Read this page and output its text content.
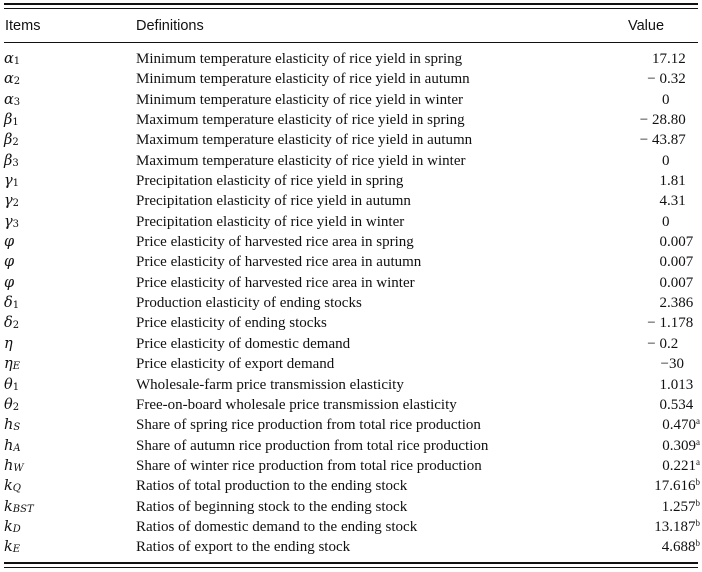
Items	Definitions	Value
$\alpha_1$	Minimum temperature elasticity of rice yield in spring	17.12
$\alpha_2$	Minimum temperature elasticity of rice yield in autumn	− 0.32
$\alpha_3$	Minimum temperature elasticity of rice yield in winter	0
$\beta_1$	Maximum temperature elasticity of rice yield in spring	− 28.80
$\beta_2$	Maximum temperature elasticity of rice yield in autumn	− 43.87
$\beta_3$	Maximum temperature elasticity of rice yield in winter	0
$\gamma_1$	Precipitation elasticity of rice yield in spring	1.81
$\gamma_2$	Precipitation elasticity of rice yield in autumn	4.31
$\gamma_3$	Precipitation elasticity of rice yield in winter	0
φ	Price elasticity of harvested rice area in spring	0.007
φ	Price elasticity of harvested rice area in autumn	0.007
φ	Price elasticity of harvested rice area in winter	0.007
$\delta_1$	Production elasticity of ending stocks	2.386
$\delta_2$	Price elasticity of ending stocks	− 1.178
η	Price elasticity of domestic demand	− 0.2
$\eta_E$	Price elasticity of export demand	−30
$\theta_1$	Wholesale-farm price transmission elasticity	1.013
$\theta_2$	Free-on-board wholesale price transmission elasticity	0.534
$h_S$	Share of spring rice production from total rice production	0.470$^a$
$h_A$	Share of autumn rice production from total rice production	0.309$^a$
$h_W$	Share of winter rice production from total rice production	0.221$^a$
$k_Q$	Ratios of total production to the ending stock	17.616$^b$
$k_{BST}$	Ratios of beginning stock to the ending stock	1.257$^b$
$k_D$	Ratios of domestic demand to the ending stock	13.187$^b$
$k_E$	Ratios of export to the ending stock	4.688$^b$
